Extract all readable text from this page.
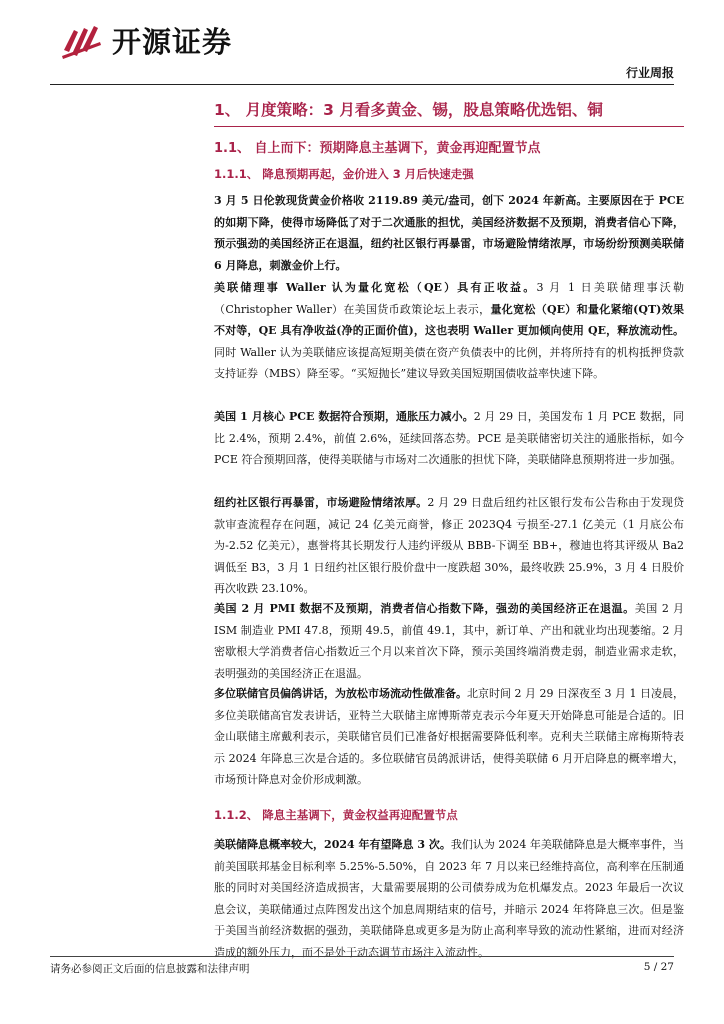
开源证券
行业周报
1、 月度策略：3 月看多黄金、锡，股息策略优选铝、铜
1.1、 自上而下：预期降息主基调下，黄金再迎配置节点
1.1.1、 降息预期再起，金价进入 3 月后快速走强

3 月 5 日伦敦现货黄金价格收 2119.89 美元/盎司，创下 2024 年新高。主要原因在于 PCE 的如期下降，使得市场降低了对于二次通胀的担忧，美国经济数据不及预期，消费者信心下降，预示强劲的美国经济正在退温，纽约社区银行再暴雷，市场避险情绪浓厚，市场纷纷预测美联储 6 月降息，刺激金价上行。

美联储理事 Waller 认为量化宽松（QE）具有正收益。3 月 1 日美联储理事沃勒（Christopher Waller）在美国货币政策论坛上表示，量化宽松（QE）和量化紧缩(QT)效果不对等，QE 具有净收益(净的正面价值)，这也表明 Waller 更加倾向使用 QE，释放流动性。同时 Waller 认为美联储应该提高短期美债在资产负债表中的比例，并将所持有的机构抵押贷款支持证券（MBS）降至零。“买短抛长”建议导致美国短期国债收益率快速下降。

美国 1 月核心 PCE 数据符合预期，通胀压力减小。2 月 29 日，美国发布 1 月 PCE 数据，同比 2.4%，预期 2.4%，前值 2.6%，延续回落态势。PCE 是美联储密切关注的通胀指标，如今 PCE 符合预期回落，使得美联储与市场对二次通胀的担忧下降，美联储降息预期将进一步加强。

纽约社区银行再暴雷，市场避险情绪浓厚。2 月 29 日盘后纽约社区银行发布公告称由于发现贷款审查流程存在问题，减记 24 亿美元商誉，修正 2023Q4 亏损至-27.1 亿美元（1 月底公布为-2.52 亿美元），惠誉将其长期发行人违约评级从 BBB-下调至 BB+，穆迪也将其评级从 Ba2 调低至 B3，3 月 1 日纽约社区银行股价盘中一度跌超 30%，最终收跌 25.9%，3 月 4 日股价再次收跌 23.10%。

美国 2 月 PMI 数据不及预期，消费者信心指数下降，强劲的美国经济正在退温。美国 2 月 ISM 制造业 PMI 47.8，预期 49.5，前值 49.1，其中，新订单、产出和就业均出现萎缩。2 月密歇根大学消费者信心指数近三个月以来首次下降，预示美国终端消费走弱，制造业需求走软，表明强劲的美国经济正在退温。

多位联储官员偏鸽讲话，为放松市场流动性做准备。北京时间 2 月 29 日深夜至 3 月 1 日凌晨，多位美联储高官发表讲话，亚特兰大联储主席博斯蒂克表示今年夏天开始降息可能是合适的。旧金山联储主席戴利表示，美联储官员们已准备好根据需要降低利率。克利夫兰联储主席梅斯特表示 2024 年降息三次是合适的。多位联储官员鸽派讲话，使得美联储 6 月开启降息的概率增大，市场预计降息对金价形成刺激。

1.1.2、 降息主基调下，黄金权益再迎配置节点

美联储降息概率较大，2024 年有望降息 3 次。我们认为 2024 年美联储降息是大概率事件，当前美国联邦基金目标利率 5.25%-5.50%，自 2023 年 7 月以来已经维持高位，高利率在压制通胀的同时对美国经济造成损害，大量需要展期的公司债券成为危机爆发点。2023 年最后一次议息会议，美联储通过点阵图发出这个加息周期结束的信号，并暗示 2024 年将降息三次。但是鉴于美国当前经济数据的强劲，美联储降息或更多是为防止高利率导致的流动性紧缩，进而对经济造成的额外压力，而不是处于动态调节市场注入流动性。

请务必参阅正文后面的信息披露和法律声明	5 / 27
